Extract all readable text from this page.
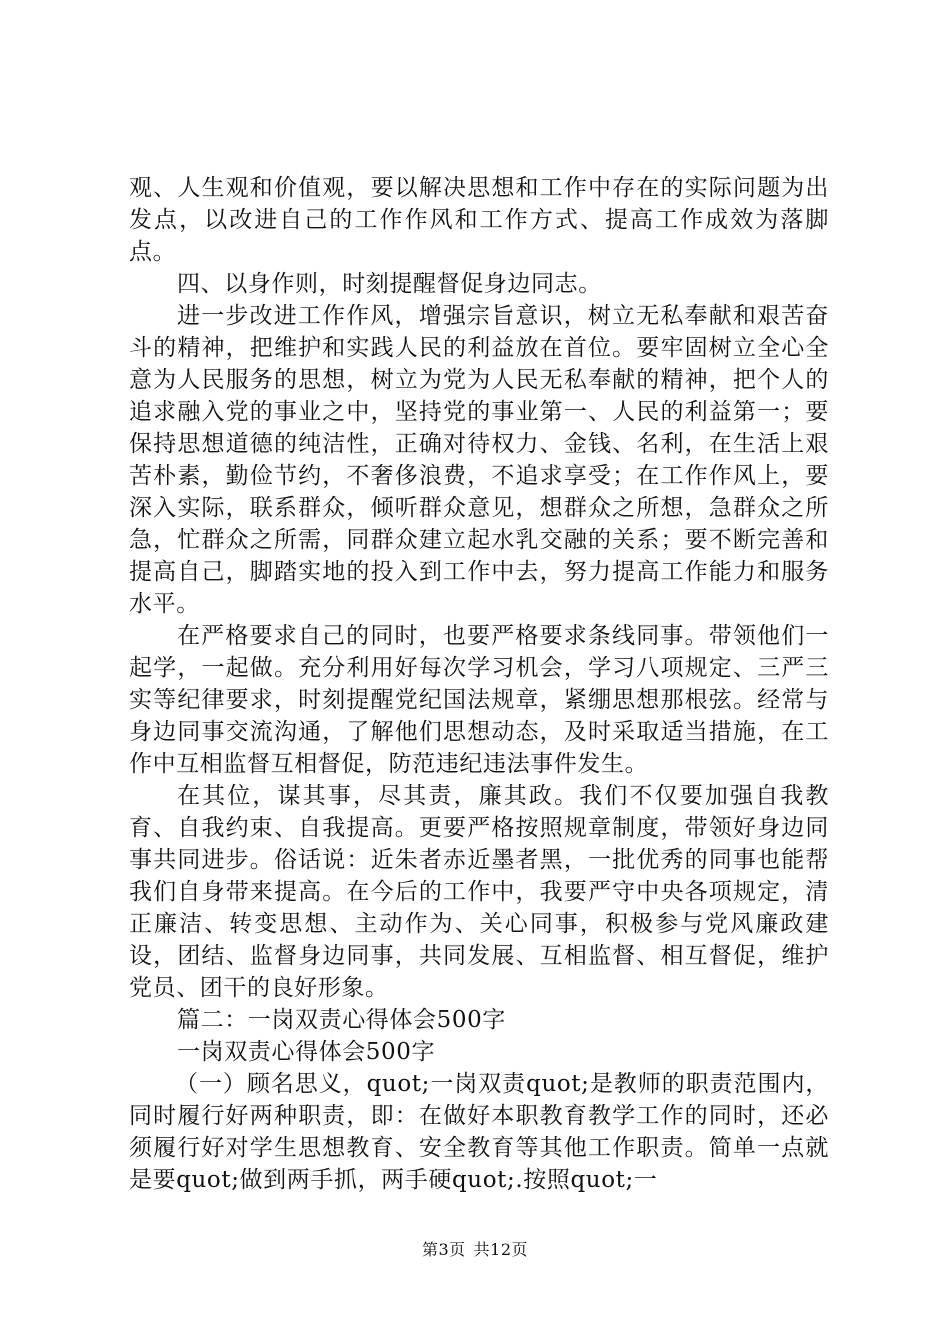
观、人生观和价值观，要以解决思想和工作中存在的实际问题为出发点，以改进自己的工作作风和工作方式、提高工作成效为落脚点。

四、以身作则，时刻提醒督促身边同志。

进一步改进工作作风，增强宗旨意识，树立无私奉献和艰苦奋斗的精神，把维护和实践人民的利益放在首位。要牢固树立全心全意为人民服务的思想，树立为党为人民无私奉献的精神，把个人的追求融入党的事业之中，坚持党的事业第一、人民的利益第一；要保持思想道德的纯洁性，正确对待权力、金钱、名利，在生活上艰苦朴素，勤俭节约，不奢侈浪费，不追求享受；在工作作风上，要深入实际，联系群众，倾听群众意见，想群众之所想，急群众之所急，忙群众之所需，同群众建立起水乳交融的关系；要不断完善和提高自己，脚踏实地的投入到工作中去，努力提高工作能力和服务水平。

在严格要求自己的同时，也要严格要求条线同事。带领他们一起学，一起做。充分利用好每次学习机会，学习八项规定、三严三实等纪律要求，时刻提醒党纪国法规章，紧绷思想那根弦。经常与身边同事交流沟通，了解他们思想动态，及时采取适当措施，在工作中互相监督互相督促，防范违纪违法事件发生。

在其位，谋其事，尽其责，廉其政。我们不仅要加强自我教育、自我约束、自我提高。更要严格按照规章制度，带领好身边同事共同进步。俗话说：近朱者赤近墨者黑，一批优秀的同事也能帮我们自身带来提高。在今后的工作中，我要严守中央各项规定，清正廉洁、转变思想、主动作为、关心同事，积极参与党风廉政建设，团结、监督身边同事，共同发展、互相监督、相互督促，维护党员、团干的良好形象。

篇二：一岗双责心得体会500字

一岗双责心得体会500字

（一）顾名思义，quot;一岗双责quot;是教师的职责范围内，同时履行好两种职责，即：在做好本职教育教学工作的同时，还必须履行好对学生思想教育、安全教育等其他工作职责。简单一点就是要quot;做到两手抓，两手硬quot;.按照quot;一

第3页 共12页
